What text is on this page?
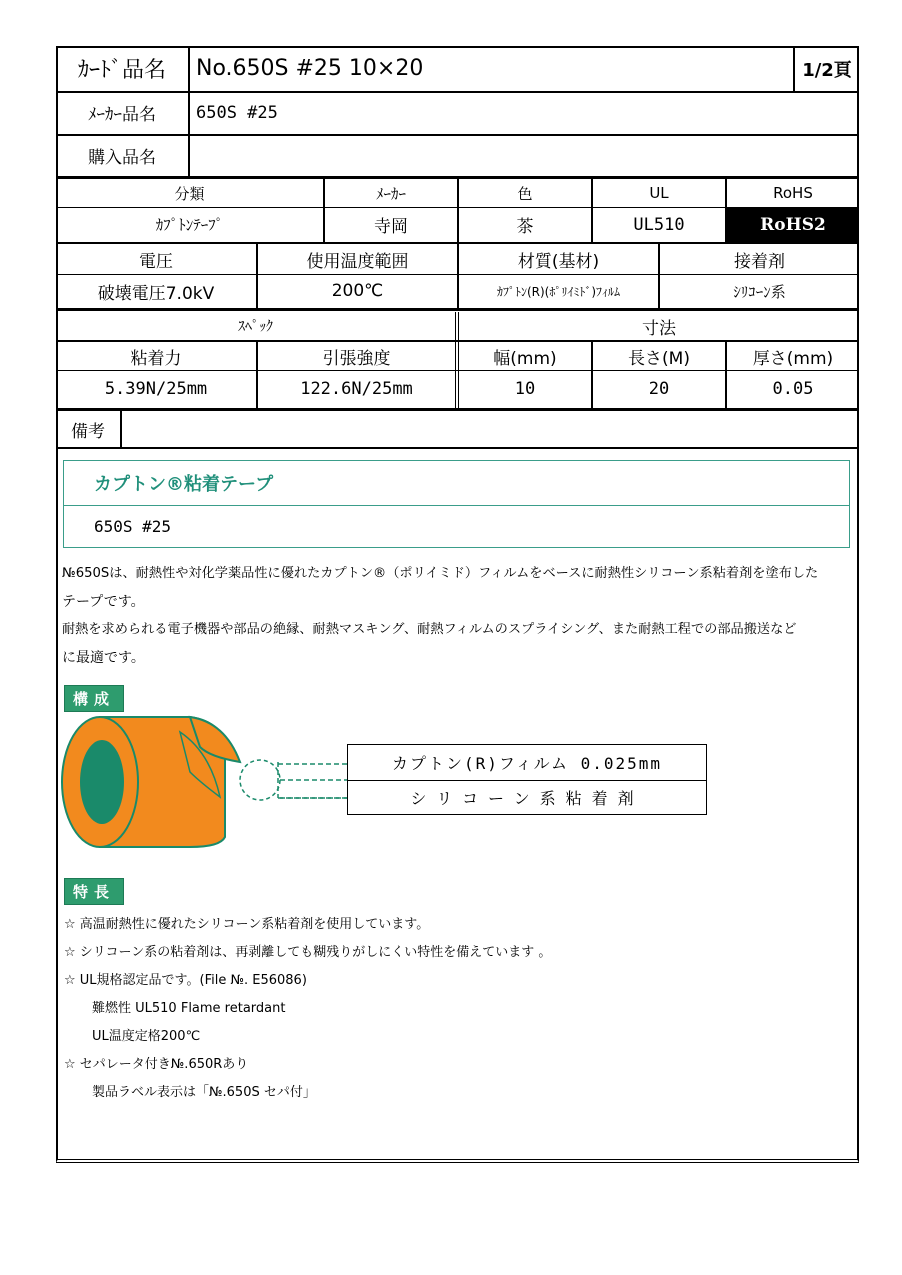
ｶｰﾄﾞ品名	No.650S #25 10×20	1/2頁
ﾒｰｶｰ品名	650S #25
購入品名
分類	ﾒｰｶｰ	色	UL	RoHS
ｶﾌﾟﾄﾝﾃｰﾌﾟ	寺岡	茶	UL510	RoHS2
電圧	使用温度範囲	材質(基材)	接着剤
破壊電圧7.0kV	200℃	ｶﾌﾟﾄﾝ(R)(ﾎﾟﾘｲﾐﾄﾞ)ﾌｨﾙﾑ	ｼﾘｺｰﾝ系
ｽﾍﾟｯｸ	寸法
粘着力	引張強度	幅(mm)	長さ(M)	厚さ(mm)
5.39N/25mm	122.6N/25mm	10	20	0.05
備考
カプトン®粘着テープ
650S #25
№650Sは、耐熱性や対化学薬品性に優れたカプトン®（ポリイミド）フィルムをベースに耐熱性シリコーン系粘着剤を塗布した
テープです。
耐熱を求められる電子機器や部品の絶縁、耐熱マスキング、耐熱フィルムのスプライシング、また耐熱工程での部品搬送など
に最適です。
構成
カプトン(R)フィルム 0.025mm
シリコーン系粘着剤
特長
☆ 高温耐熱性に優れたシリコーン系粘着剤を使用しています。
☆ シリコーン系の粘着剤は、再剥離しても糊残りがしにくい特性を備えています 。
☆ UL規格認定品です。(File №. E56086)
難燃性 UL510 Flame retardant
UL温度定格200℃
☆ セパレータ付き№.650Rあり
製品ラベル表示は「№.650S セパ付」
